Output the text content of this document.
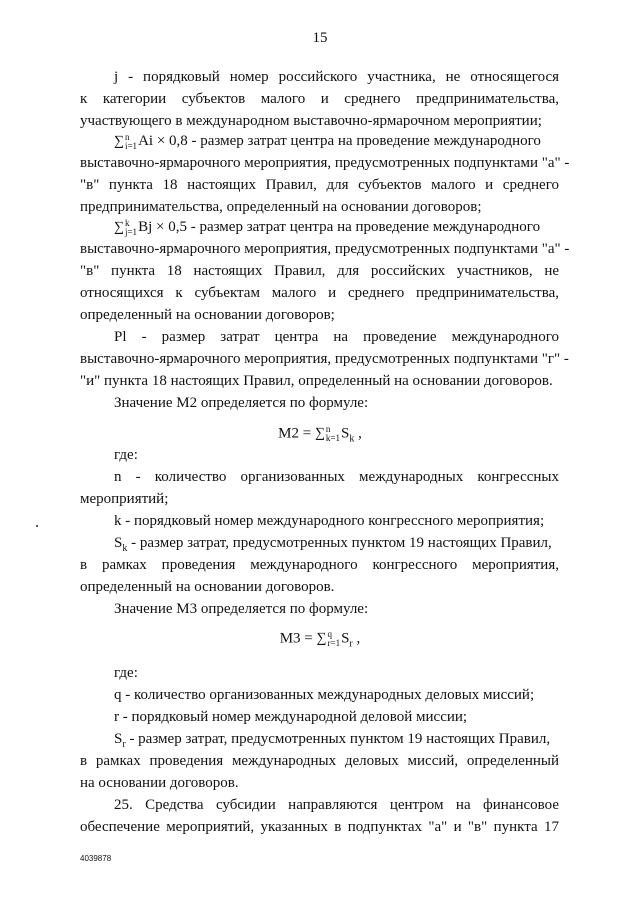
15
j - порядковый номер российского участника, не относящегося
к категории субъектов малого и среднего предпринимательства,
участвующего в международном выставочно-ярмарочном мероприятии;
∑ n
i=1 Ai × 0,8 - размер затрат центра на проведение международного
выставочно-ярмарочного мероприятия, предусмотренных подпунктами "а" -
"в" пункта 18 настоящих Правил, для субъектов малого и среднего
предпринимательства, определенный на основании договоров;
∑ k
j=1 Bj × 0,5 - размер затрат центра на проведение международного
выставочно-ярмарочного мероприятия, предусмотренных подпунктами "а" -
"в" пункта 18 настоящих Правил, для российских участников, не
относящихся к субъектам малого и среднего предпринимательства,
определенный на основании договоров;
Pl - размер затрат центра на проведение международного
выставочно-ярмарочного мероприятия, предусмотренных подпунктами "г" -
"и" пункта 18 настоящих Правил, определенный на основании договоров.
Значение М2 определяется по формуле:
M2 = ∑ n
k=1 $S_k$ ,
где:
n - количество организованных международных конгрессных
мероприятий;
k - порядковый номер международного конгрессного мероприятия;
$S_k$ - размер затрат, предусмотренных пунктом 19 настоящих Правил,
в рамках проведения международного конгрессного мероприятия,
определенный на основании договоров.
Значение М3 определяется по формуле:
M3 = ∑ q
r=1 $S_r$ ,
где:
q - количество организованных международных деловых миссий;
r - порядковый номер международной деловой миссии;
$S_r$ - размер затрат, предусмотренных пунктом 19 настоящих Правил,
в рамках проведения международных деловых миссий, определенный
на основании договоров.
25. Средства субсидии направляются центром на финансовое
обеспечение мероприятий, указанных в подпунктах "а" и "в" пункта 17
4039878
